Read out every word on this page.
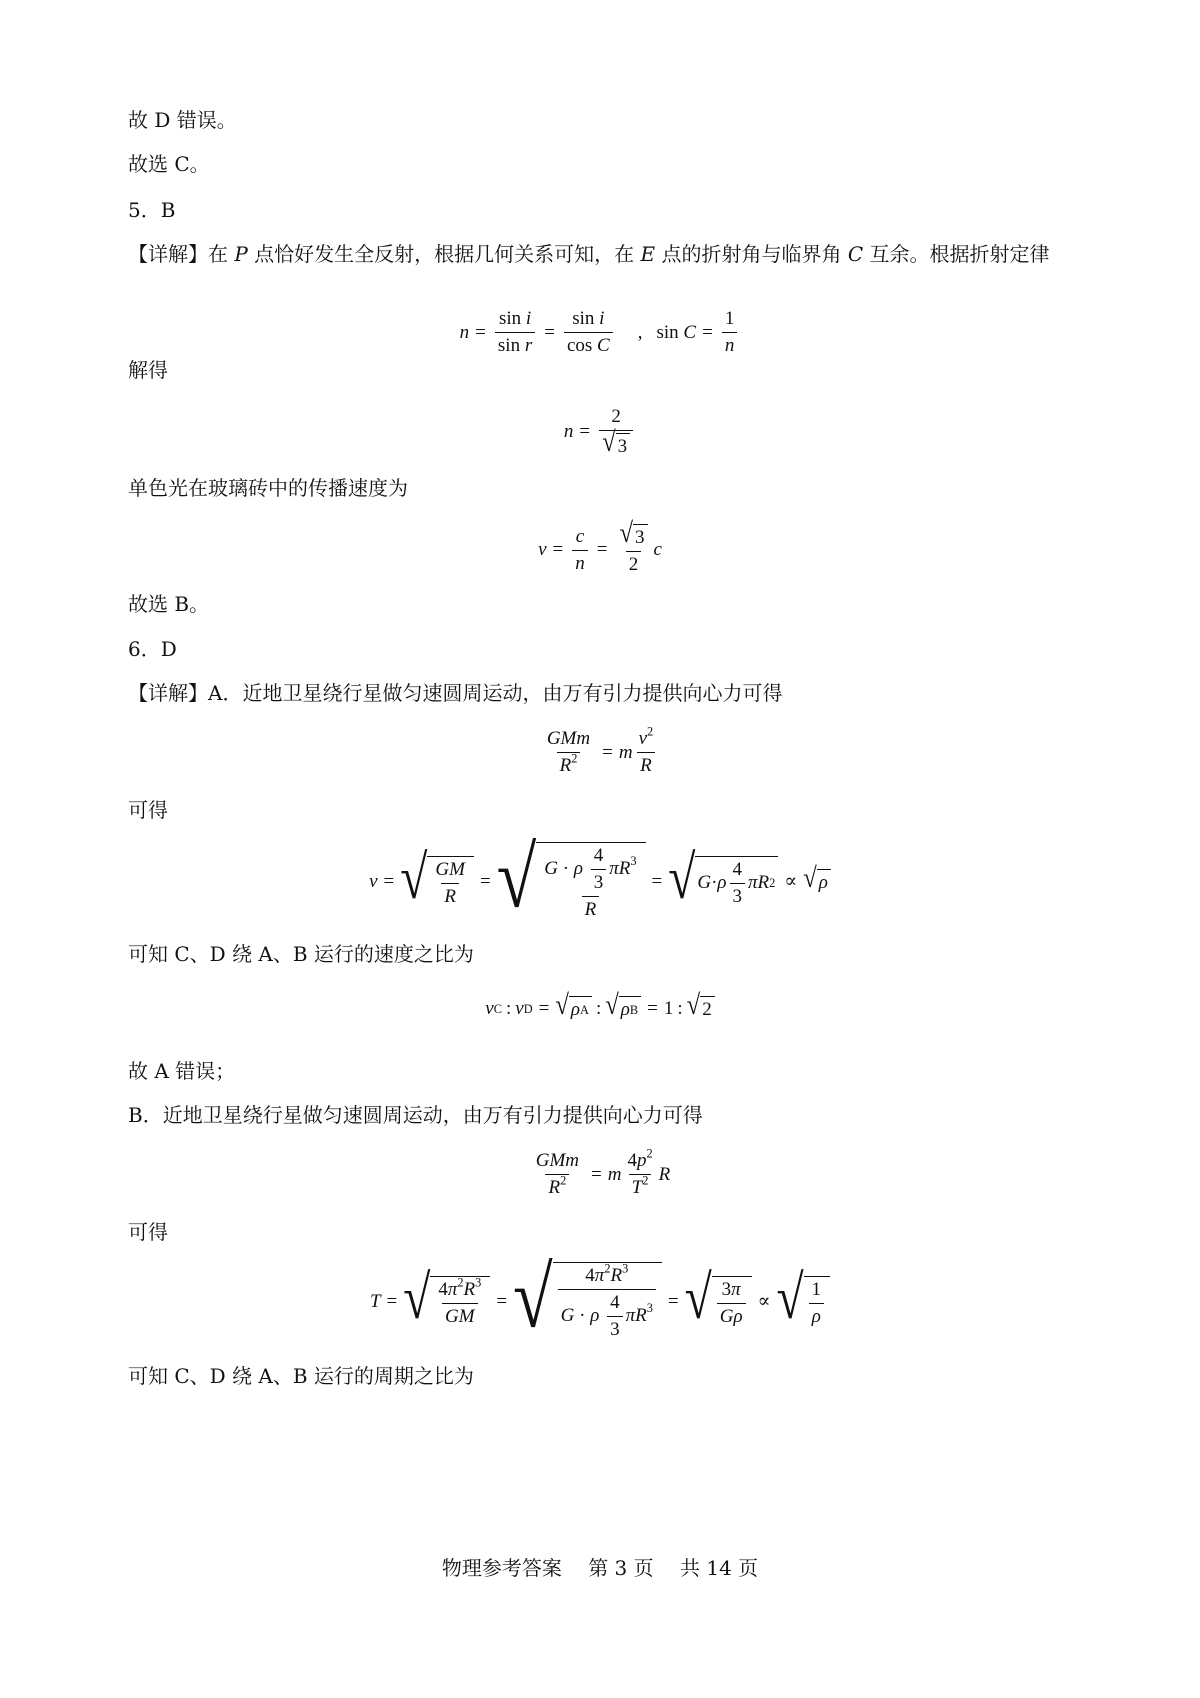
故 D 错误。
故选 C。
5．B
【详解】在 P 点恰好发生全反射，根据几何关系可知，在 E 点的折射角与临界角 C 互余。根据折射定律
$n = \frac{\text{sin i}}{\text{sin r}} = \frac{\text{sin i}}{\text{cos C}}$ , $\sin C = \frac{1}{n}$
解得
$n = \frac{2}{√ 3}$
单色光在玻璃砖中的传播速度为
$v = \frac{c}{n} = \frac{√ 3}{2}$ c
故选 B。
6．D
【详解】A．近地卫星绕行星做匀速圆周运动，由万有引力提供向心力可得
$\frac{\text{GMm}}{R^2} = m \frac{v^2}{R}$
可得
v = √ $\frac{GM}{R}$ = √ $\frac{G \cdot \rho \frac{4}{3} \pi R^3}{R}$ = √ G · ρ $\frac{4}{3}$ πR 2 ∝ √ ρ
可知 C、D 绕 A、B 运行的速度之比为
v C : v D = √ ρ A : √ ρ B = 1 : √ 2
故 A 错误；
B．近地卫星绕行星做匀速圆周运动，由万有引力提供向心力可得
$\frac{\text{GMm}}{R^2} = m \frac{4p^2}{T^2}$ R
可得
T = √ $\frac{4\pi^2R^3}{GM}$ = √ $\frac{4\pi^2R^3}{G \cdot \rho \frac{4}{3} \pi R^3}$ = √ $\frac{3\pi}{G\rho}$ ∝ √ $\frac{1}{\rho}$
可知 C、D 绕 A、B 运行的周期之比为
物理参考答案 第 3 页 共 14 页
